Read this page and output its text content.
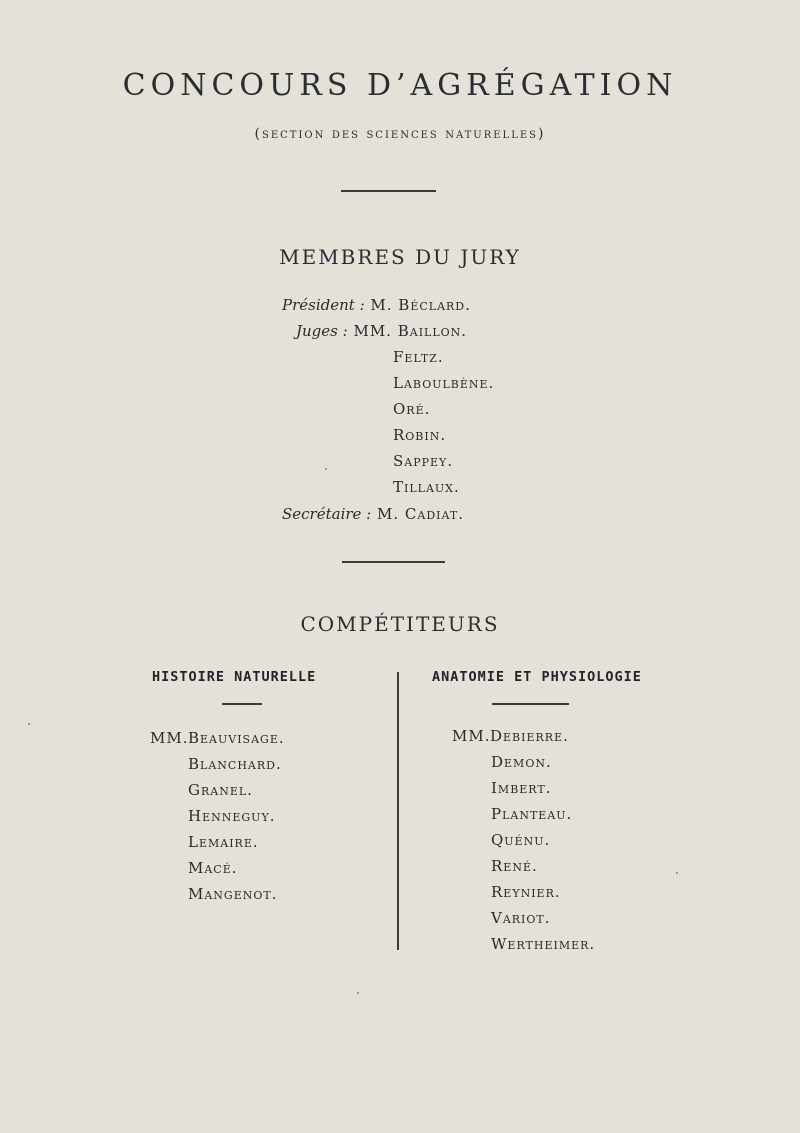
CONCOURS D’AGRÉGATION
(section des sciences naturelles)
MEMBRES DU JURY
Président : M. Béclard.
Juges : MM. Baillon.
Feltz.
Laboulbène.
Oré.
Robin.
Sappey.
Tillaux.
Secrétaire : M. Cadiat.
COMPÉTITEURS
HISTOIRE NATURELLE	ANATOMIE ET PHYSIOLOGIE
MM. Beauvisage.
Blanchard.
Granel.
Henneguy.
Lemaire.
Macé.
Mangenot.
MM. Debierre.
Demon.
Imbert.
Planteau.
Quénu.
René.
Reynier.
Variot.
Wertheimer.
